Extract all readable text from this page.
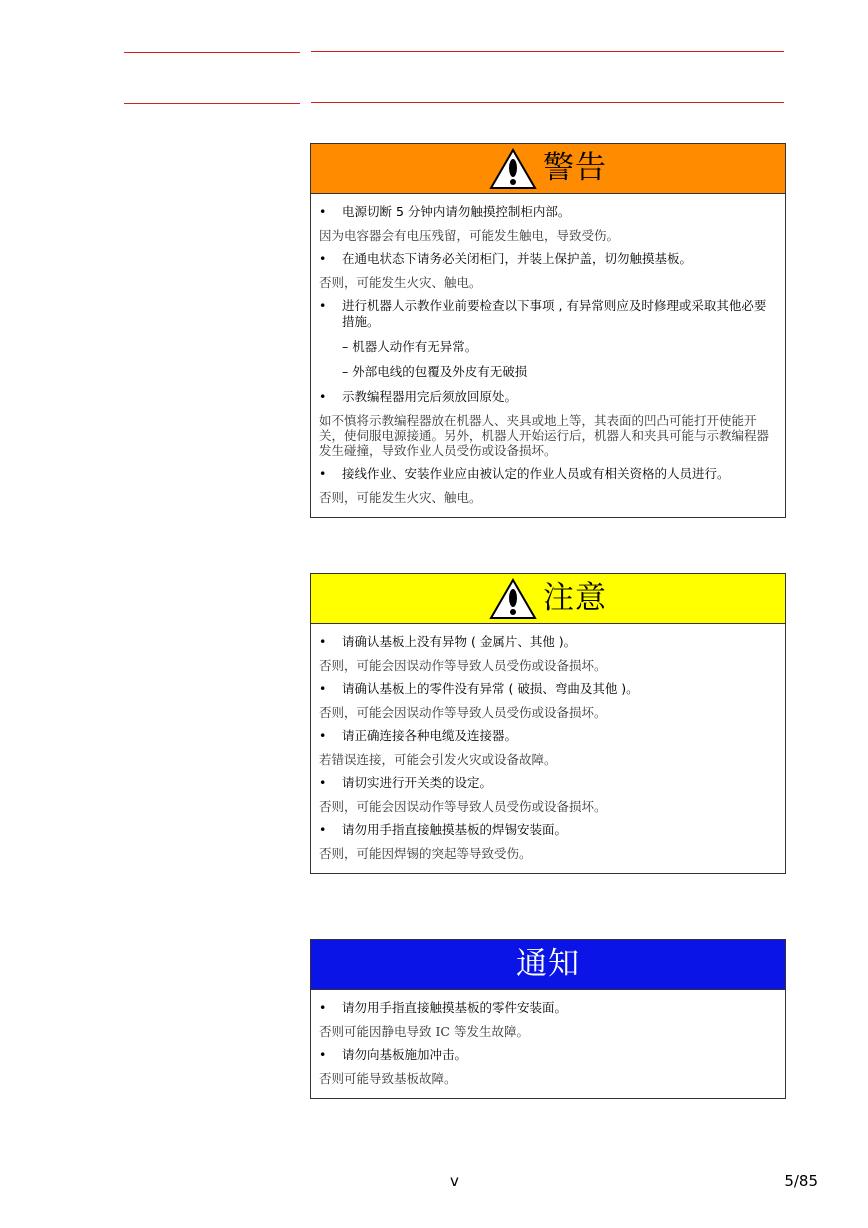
警告
• 电源切断 5 分钟内请勿触摸控制柜内部。
因为电容器会有电压残留，可能发生触电，导致受伤。
• 在通电状态下请务必关闭柜门，并装上保护盖，切勿触摸基板。
否则，可能发生火灾、触电。
• 进行机器人示教作业前要检查以下事项 , 有异常则应及时修理或采取其他必要措施。
– 机器人动作有无异常。
– 外部电线的包覆及外皮有无破损
• 示教编程器用完后须放回原处。
如不慎将示教编程器放在机器人、夹具或地上等，其表面的凹凸可能打开使能开关，使伺服电源接通。另外，机器人开始运行后，机器人和夹具可能与示教编程器发生碰撞，导致作业人员受伤或设备损坏。
• 接线作业、安装作业应由被认定的作业人员或有相关资格的人员进行。
否则，可能发生火灾、触电。
注意
• 请确认基板上没有异物 ( 金属片、其他 )。
否则，可能会因误动作等导致人员受伤或设备损坏。
• 请确认基板上的零件没有异常 ( 破损、弯曲及其他 )。
否则，可能会因误动作等导致人员受伤或设备损坏。
• 请正确连接各种电缆及连接器。
若错误连接，可能会引发火灾或设备故障。
• 请切实进行开关类的设定。
否则，可能会因误动作等导致人员受伤或设备损坏。
• 请勿用手指直接触摸基板的焊锡安装面。
否则，可能因焊锡的突起等导致受伤。
通知
• 请勿用手指直接触摸基板的零件安装面。
否则可能因静电导致 IC 等发生故障。
• 请勿向基板施加冲击。
否则可能导致基板故障。
v	5/85
